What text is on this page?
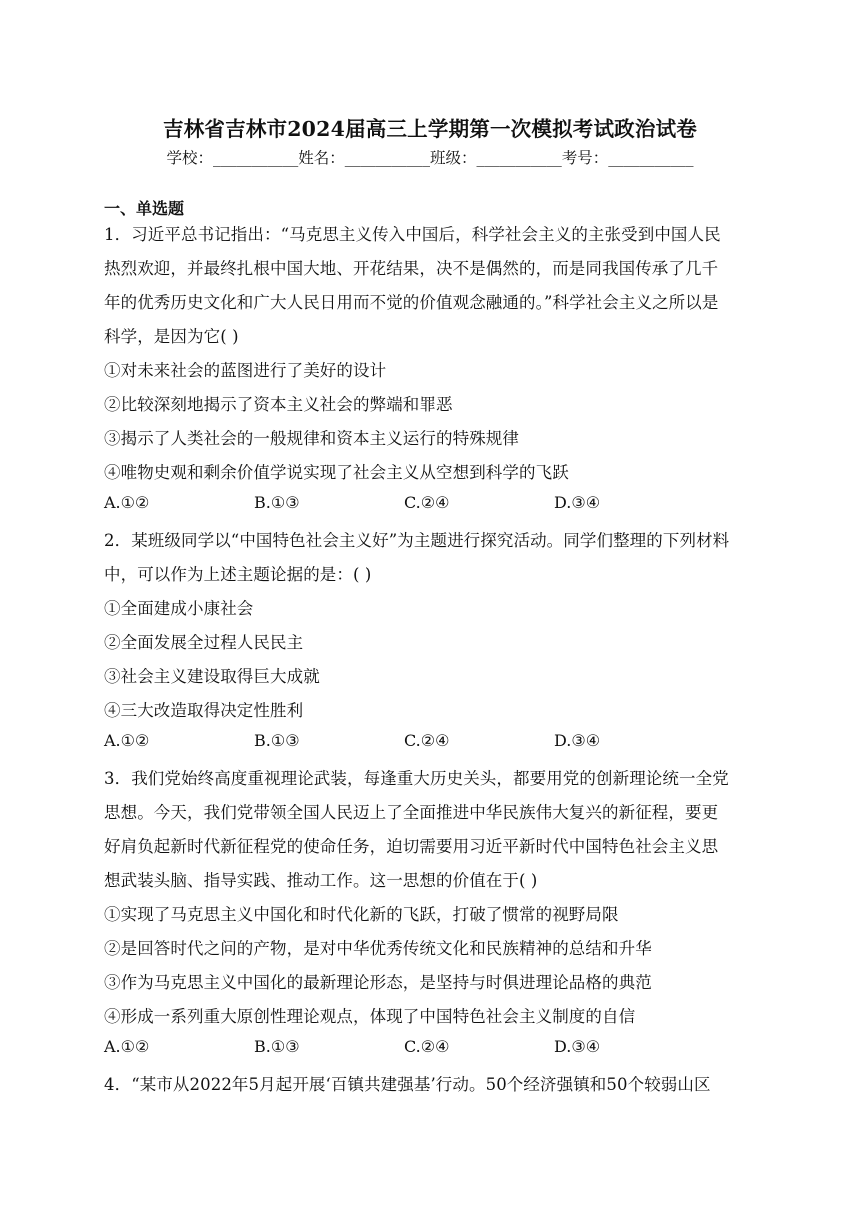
吉林省吉林市2024届高三上学期第一次模拟考试政治试卷
学校：___________姓名：___________班级：___________考号：___________
一、单选题
1．习近平总书记指出：“马克思主义传入中国后，科学社会主义的主张受到中国人民
热烈欢迎，并最终扎根中国大地、开花结果，决不是偶然的，而是同我国传承了几千
年的优秀历史文化和广大人民日用而不觉的价值观念融通的。”科学社会主义之所以是
科学，是因为它( )
①对未来社会的蓝图进行了美好的设计
②比较深刻地揭示了资本主义社会的弊端和罪恶
③揭示了人类社会的一般规律和资本主义运行的特殊规律
④唯物史观和剩余价值学说实现了社会主义从空想到科学的飞跃
A.①②	B.①③	C.②④	D.③④
2．某班级同学以“中国特色社会主义好”为主题进行探究活动。同学们整理的下列材料
中，可以作为上述主题论据的是：( )
①全面建成小康社会
②全面发展全过程人民民主
③社会主义建设取得巨大成就
④三大改造取得决定性胜利
A.①②	B.①③	C.②④	D.③④
3．我们党始终高度重视理论武装，每逢重大历史关头，都要用党的创新理论统一全党
思想。今天，我们党带领全国人民迈上了全面推进中华民族伟大复兴的新征程，要更
好肩负起新时代新征程党的使命任务，迫切需要用习近平新时代中国特色社会主义思
想武装头脑、指导实践、推动工作。这一思想的价值在于( )
①实现了马克思主义中国化和时代化新的飞跃，打破了惯常的视野局限
②是回答时代之问的产物，是对中华优秀传统文化和民族精神的总结和升华
③作为马克思主义中国化的最新理论形态，是坚持与时俱进理论品格的典范
④形成一系列重大原创性理论观点，体现了中国特色社会主义制度的自信
A.①②	B.①③	C.②④	D.③④
4．“某市从2022年5月起开展‘百镇共建强基’行动。50个经济强镇和50个较弱山区
